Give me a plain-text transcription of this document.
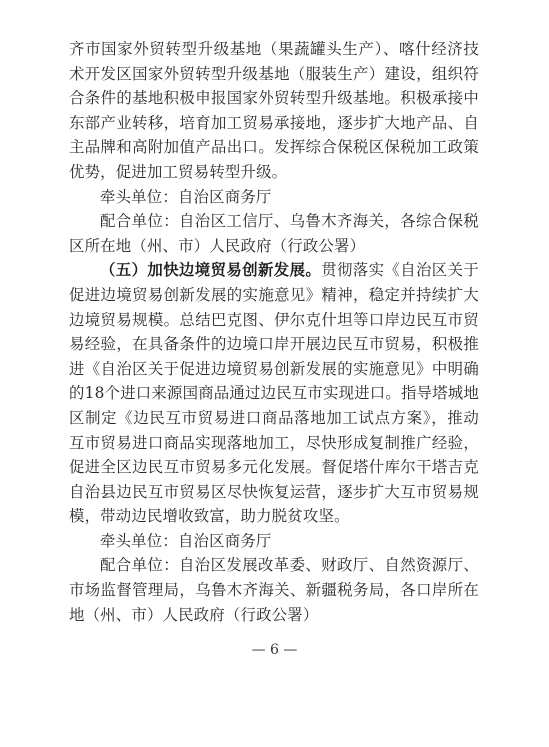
齐市国家外贸转型升级基地（果蔬罐头生产）、喀什经济技术开发区国家外贸转型升级基地（服装生产）建设，组织符合条件的基地积极申报国家外贸转型升级基地。积极承接中东部产业转移，培育加工贸易承接地，逐步扩大地产品、自主品牌和高附加值产品出口。发挥综合保税区保税加工政策优势，促进加工贸易转型升级。

牵头单位：自治区商务厅

配合单位：自治区工信厅、乌鲁木齐海关，各综合保税区所在地（州、市）人民政府（行政公署）

（五）加快边境贸易创新发展。贯彻落实《自治区关于促进边境贸易创新发展的实施意见》精神，稳定并持续扩大边境贸易规模。总结巴克图、伊尔克什坦等口岸边民互市贸易经验，在具备条件的边境口岸开展边民互市贸易，积极推进《自治区关于促进边境贸易创新发展的实施意见》中明确的18个进口来源国商品通过边民互市实现进口。指导塔城地区制定《边民互市贸易进口商品落地加工试点方案》，推动互市贸易进口商品实现落地加工，尽快形成复制推广经验，促进全区边民互市贸易多元化发展。督促塔什库尔干塔吉克自治县边民互市贸易区尽快恢复运营，逐步扩大互市贸易规模，带动边民增收致富，助力脱贫攻坚。

牵头单位：自治区商务厅

配合单位：自治区发展改革委、财政厅、自然资源厅、市场监督管理局，乌鲁木齐海关、新疆税务局，各口岸所在地（州、市）人民政府（行政公署）

— 6 —
